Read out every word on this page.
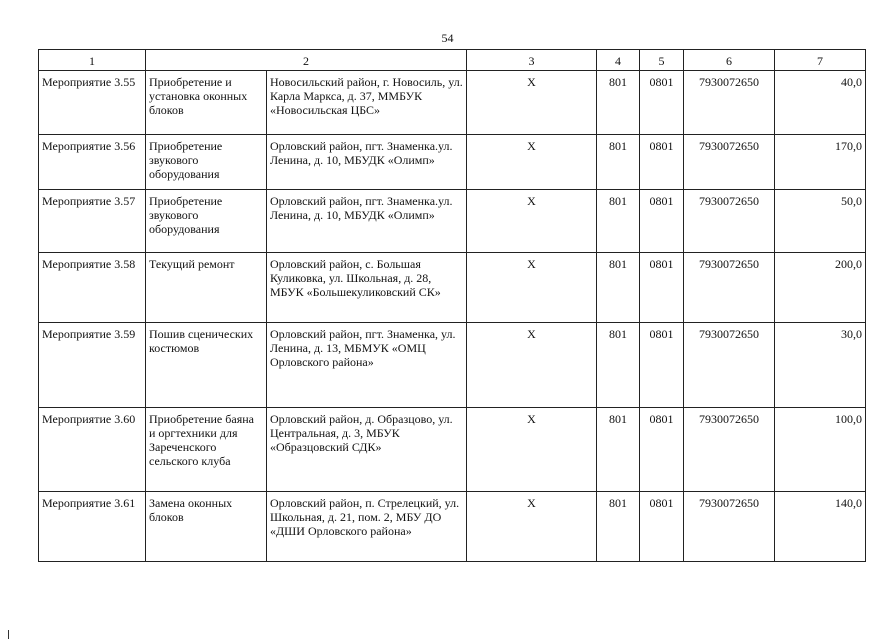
54
1	2		3	4	5	6	7
Мероприятие 3.55	Приобретение и установка оконных блоков	Новосильский район, г. Новосиль, ул. Карла Маркса, д. 37, ММБУК «Новосильская ЦБС»	X	801	0801	7930072650	40,0
Мероприятие 3.56	Приобретение звукового оборудования	Орловский район, пгт. Знаменка.ул. Ленина, д. 10, МБУДК «Олимп»	X	801	0801	7930072650	170,0
Мероприятие 3.57	Приобретение звукового оборудования	Орловский район, пгт. Знаменка.ул. Ленина, д. 10, МБУДК «Олимп»	X	801	0801	7930072650	50,0
Мероприятие 3.58	Текущий ремонт	Орловский район, с. Большая Куликовка, ул. Школьная, д. 28, МБУК «Большекуликовский СК»	X	801	0801	7930072650	200,0
Мероприятие 3.59	Пошив сценических костюмов	Орловский район, пгт. Знаменка, ул. Ленина, д. 13, МБМУК «ОМЦ Орловского района»	X	801	0801	7930072650	30,0
Мероприятие 3.60	Приобретение баяна и оргтехники для Зареченского сельского клуба	Орловский район, д. Образцово, ул. Центральная, д. 3, МБУК «Образцовский СДК»	X	801	0801	7930072650	100,0
Мероприятие 3.61	Замена оконных блоков	Орловский район, п. Стрелецкий, ул. Школьная, д. 21, пом. 2, МБУ ДО «ДШИ Орловского района»	X	801	0801	7930072650	140,0
